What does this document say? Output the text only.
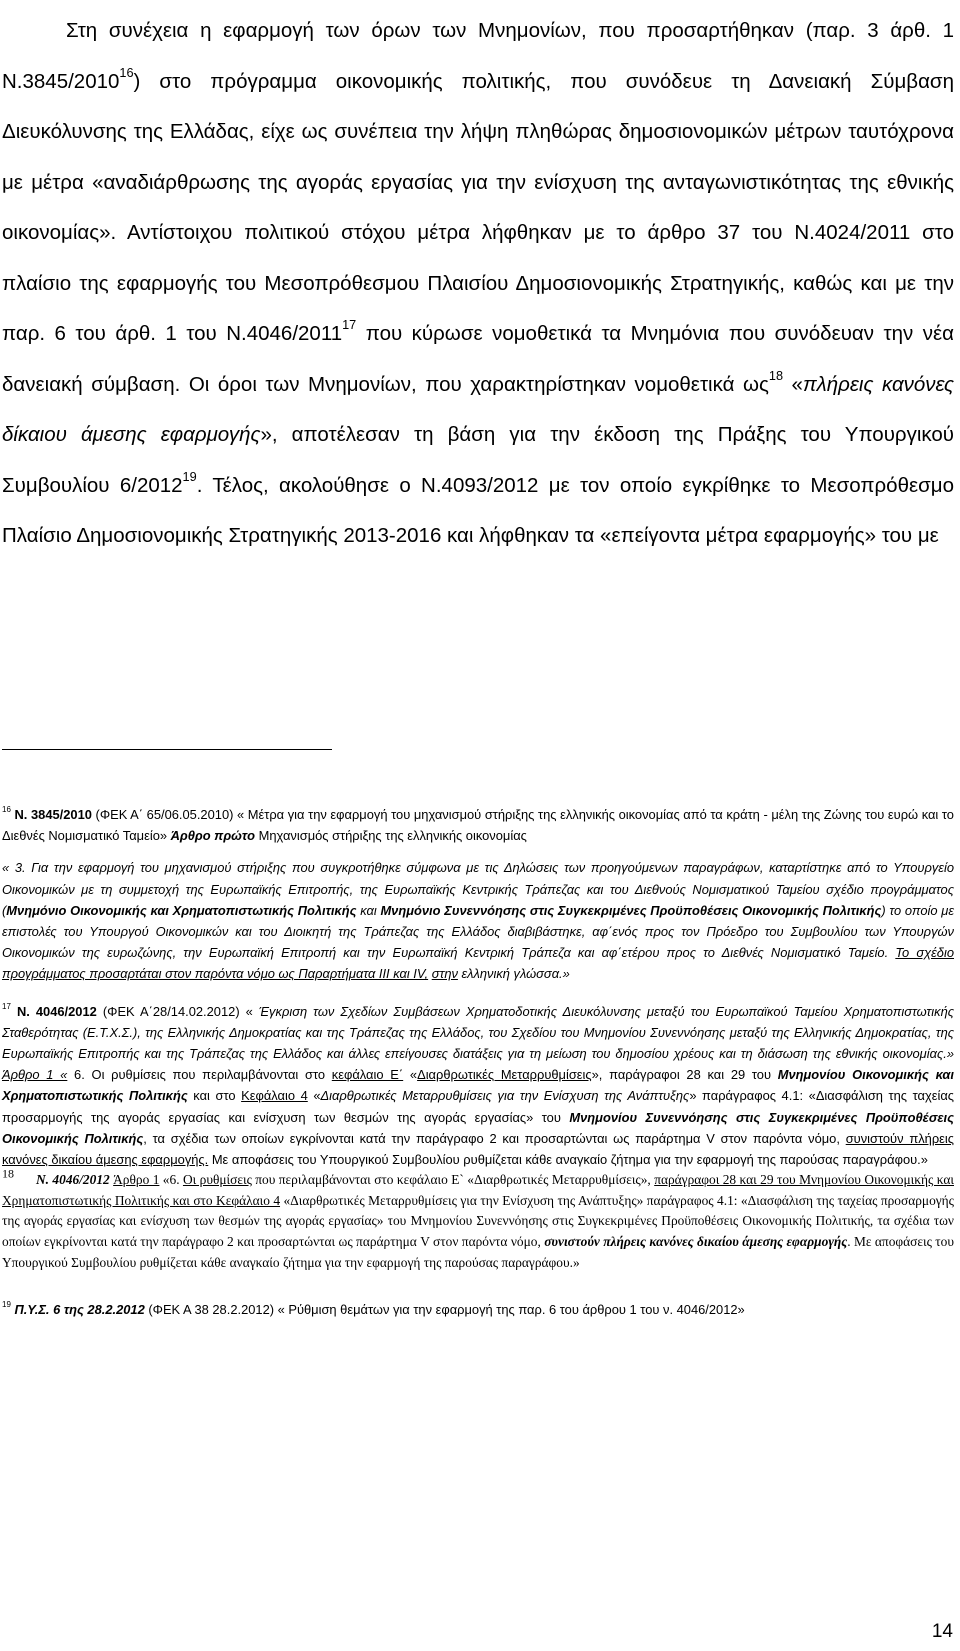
Στη συνέχεια η εφαρμογή των όρων των Μνημονίων, που προσαρτήθηκαν (παρ. 3 άρθ. 1 Ν.3845/2010$^{16}$) στο πρόγραμμα οικονομικής πολιτικής, που συνόδευε τη Δανειακή Σύμβαση Διευκόλυνσης της Ελλάδας, είχε ως συνέπεια την λήψη πληθώρας δημοσιονομικών μέτρων ταυτόχρονα με μέτρα «αναδιάρθρωσης της αγοράς εργασίας για την ενίσχυση της ανταγωνιστικότητας της εθνικής οικονομίας». Αντίστοιχου πολιτικού στόχου μέτρα λήφθηκαν με το άρθρο 37 του Ν.4024/2011 στο πλαίσιο της εφαρμογής του Μεσοπρόθεσμου Πλαισίου Δημοσιονομικής Στρατηγικής, καθώς και με την παρ. 6 του άρθ. 1 του Ν.4046/2011$^{17}$ που κύρωσε νομοθετικά τα Μνημόνια που συνόδευαν την νέα δανειακή σύμβαση. Οι όροι των Μνημονίων, που χαρακτηρίστηκαν νομοθετικά $\omega\varsigma^{18}$ «πλήρεις κανόνες δίκαιου άμεσης εφαρμογής», αποτέλεσαν τη βάση για την έκδοση της Πράξης του Υπουργικού Συμβουλίου 6/2012$^{19}$. Τέλος, ακολούθησε ο Ν.4093/2012 με τον οποίο εγκρίθηκε το Μεσοπρόθεσμο Πλαίσιο Δημοσιονομικής Στρατηγικής 2013-2016 και λήφθηκαν τα «επείγοντα μέτρα εφαρμογής» του με

$^{16}$ Ν. 3845/2010 (ΦΕΚ Α΄ 65/06.05.2010) « Μέτρα για την εφαρμογή του μηχανισμού στήριξης της ελληνικής οικονομίας από τα κράτη - μέλη της Ζώνης του ευρώ και το Διεθνές Νομισματικό Ταμείο» Άρθρο πρώτο Μηχανισμός στήριξης της ελληνικής οικονομίας

« 3. Για την εφαρμογή του μηχανισμού στήριξης που συγκροτήθηκε σύμφωνα με τις Δηλώσεις των προηγούμενων παραγράφων, καταρτίστηκε από το Υπουργείο Οικονομικών με τη συμμετοχή της Ευρωπαϊκής Επιτροπής, της Ευρωπαϊκής Κεντρικής Τράπεζας και του Διεθνούς Νομισματικού Ταμείου σχέδιο προγράμματος (Μνημόνιο Οικονομικής και Χρηματοπιστωτικής Πολιτικής και Μνημόνιο Συνεννόησης στις Συγκεκριμένες Προϋποθέσεις Οικονομικής Πολιτικής) το οποίο με επιστολές του Υπουργού Οικονομικών και του Διοικητή της Τράπεζας της Ελλάδος διαβιβάστηκε, αφ΄ενός προς τον Πρόεδρο του Συμβουλίου των Υπουργών Οικονομικών της ευρωζώνης, την Ευρωπαϊκή Επιτροπή και την Ευρωπαϊκή Κεντρική Τράπεζα και αφ΄ετέρου προς το Διεθνές Νομισματικό Ταμείο. Το σχέδιο προγράμματος προσαρτάται στον παρόντα νόμο ως Παραρτήματα ΙΙΙ και IV, στην ελληνική γλώσσα.»

$^{17}$ Ν. 4046/2012 (ΦΕΚ Α΄28/14.02.2012) « Έγκριση των Σχεδίων Συμβάσεων Χρηματοδοτικής Διευκόλυνσης μεταξύ του Ευρωπαϊκού Ταμείου Χρηματοπιστωτικής Σταθερότητας (Ε.Τ.Χ.Σ.), της Ελληνικής Δημοκρατίας και της Τράπεζας της Ελλάδος, του Σχεδίου του Μνημονίου Συνεννόησης μεταξύ της Ελληνικής Δημοκρατίας, της Ευρωπαϊκής Επιτροπής και της Τράπεζας της Ελλάδος και άλλες επείγουσες διατάξεις για τη μείωση του δημοσίου χρέους και τη διάσωση της εθνικής οικονομίας.» Άρθρο 1 « 6. Οι ρυθμίσεις που περιλαμβάνονται στο κεφάλαιο Ε΄ «Διαρθρωτικές Μεταρρυθμίσεις», παράγραφοι 28 και 29 του Μνημονίου Οικονομικής και Χρηματοπιστωτικής Πολιτικής και στο Κεφάλαιο 4 «Διαρθρωτικές Μεταρρυθμίσεις για την Ενίσχυση της Ανάπτυξης» παράγραφος 4.1: «Διασφάλιση της ταχείας προσαρμογής της αγοράς εργασίας και ενίσχυση των θεσμών της αγοράς εργασίας» του Μνημονίου Συνεννόησης στις Συγκεκριμένες Προϋποθέσεις Οικονομικής Πολιτικής, τα σχέδια των οποίων εγκρίνονται κατά την παράγραφο 2 και προσαρτώνται ως παράρτημα V στον παρόντα νόμο, συνιστούν πλήρεις κανόνες δικαίου άμεσης εφαρμογής. Με αποφάσεις του Υπουργικού Συμβουλίου ρυθμίζεται κάθε αναγκαίο ζήτημα για την εφαρμογή της παρούσας παραγράφου.»

$^{18}$ N. 4046/2012 Άρθρο 1 «6. Οι ρυθμίσεις που περιλαμβάνονται στο κεφάλαιο Ε` «Διαρθρωτικές Μεταρρυθμίσεις», παράγραφοι 28 και 29 του Μνημονίου Οικονομικής και Χρηματοπιστωτικής Πολιτικής και στο Κεφάλαιο 4 «Διαρθρωτικές Μεταρρυθμίσεις για την Ενίσχυση της Ανάπτυξης» παράγραφος 4.1: «Διασφάλιση της ταχείας προσαρμογής της αγοράς εργασίας και ενίσχυση των θεσμών της αγοράς εργασίας» του Μνημονίου Συνεννόησης στις Συγκεκριμένες Προϋποθέσεις Οικονομικής Πολιτικής, τα σχέδια των οποίων εγκρίνονται κατά την παράγραφο 2 και προσαρτώνται ως παράρτημα V στον παρόντα νόμο, συνιστούν πλήρεις κανόνες δικαίου άμεσης εφαρμογής. Με αποφάσεις του Υπουργικού Συμβουλίου ρυθμίζεται κάθε αναγκαίο ζήτημα για την εφαρμογή της παρούσας παραγράφου.»

$^{19}$ Π.Υ.Σ. 6 της 28.2.2012 (ΦΕΚ Α 38 28.2.2012) « Ρύθμιση θεμάτων για την εφαρμογή της παρ. 6 του άρθρου 1 του ν. 4046/2012»

14
